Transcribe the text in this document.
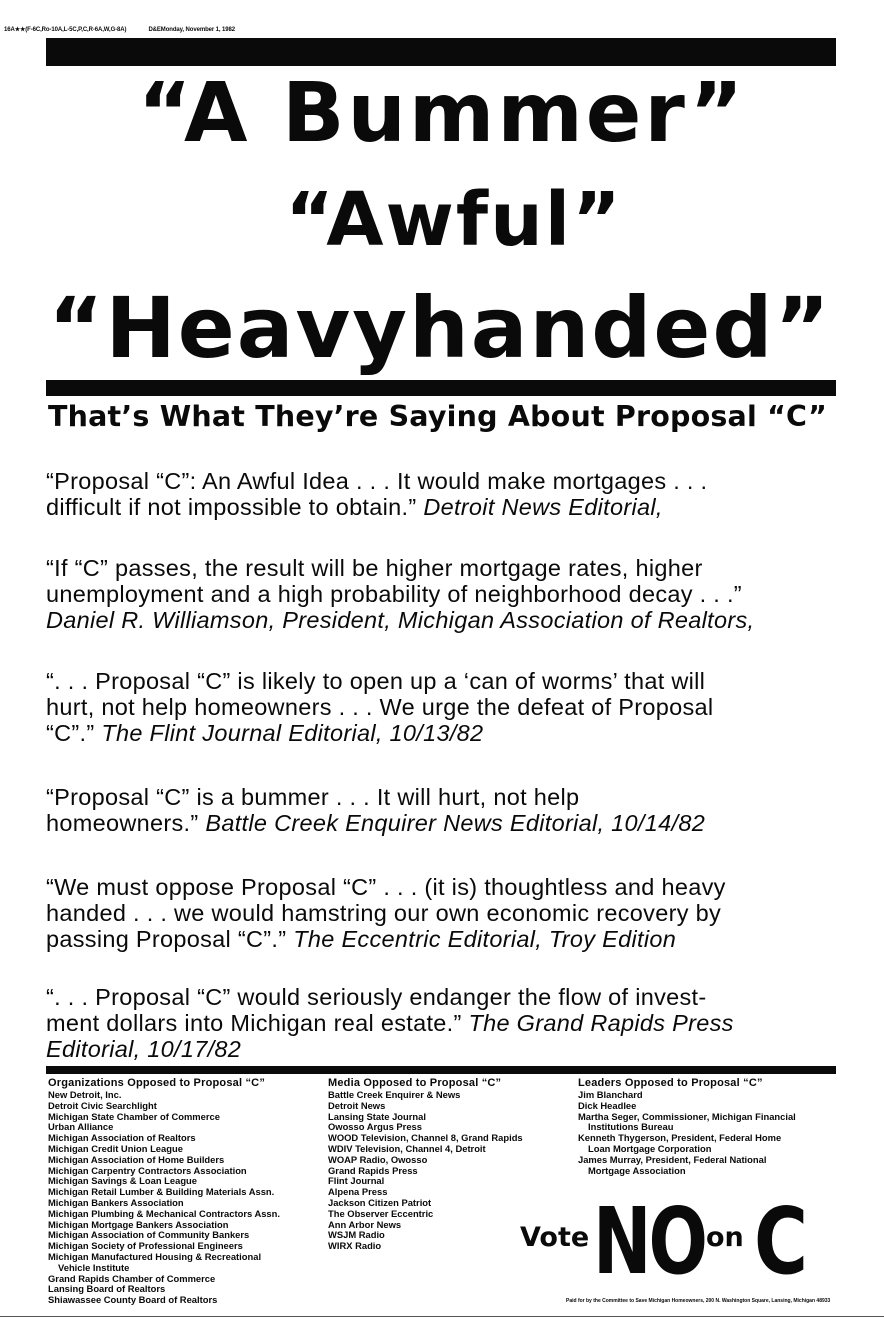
16A★★(F-6C,Ro-10A,L-5C,P,C,R-6A,W,G-8A)	D&EMonday, November 1, 1982
“A Bummer”
“Awful”
“Heavyhanded”
That’s What They’re Saying About Proposal “C”
“Proposal “C”: An Awful Idea . . . It would make mortgages . . .
difficult if not impossible to obtain.” Detroit News Editorial,
“If “C” passes, the result will be higher mortgage rates, higher
unemployment and a high probability of neighborhood decay . . .”
Daniel R. Williamson, President, Michigan Association of Realtors,
“. . . Proposal “C” is likely to open up a ‘can of worms’ that will
hurt, not help homeowners . . . We urge the defeat of Proposal
“C”.” The Flint Journal Editorial, 10/13/82
“Proposal “C” is a bummer . . . It will hurt, not help
homeowners.” Battle Creek Enquirer News Editorial, 10/14/82
“We must oppose Proposal “C” . . . (it is) thoughtless and heavy
handed . . . we would hamstring our own economic recovery by
passing Proposal “C”.” The Eccentric Editorial, Troy Edition
“. . . Proposal “C” would seriously endanger the flow of invest-
ment dollars into Michigan real estate.” The Grand Rapids Press
Editorial, 10/17/82
Organizations Opposed to Proposal “C”
New Detroit, Inc.
Detroit Civic Searchlight
Michigan State Chamber of Commerce
Urban Alliance
Michigan Association of Realtors
Michigan Credit Union League
Michigan Association of Home Builders
Michigan Carpentry Contractors Association
Michigan Savings & Loan League
Michigan Retail Lumber & Building Materials Assn.
Michigan Bankers Association
Michigan Plumbing & Mechanical Contractors Assn.
Michigan Mortgage Bankers Association
Michigan Association of Community Bankers
Michigan Society of Professional Engineers
Michigan Manufactured Housing & Recreational
Vehicle Institute
Grand Rapids Chamber of Commerce
Lansing Board of Realtors
Shiawassee County Board of Realtors
Media Opposed to Proposal “C”
Battle Creek Enquirer & News
Detroit News
Lansing State Journal
Owosso Argus Press
WOOD Television, Channel 8, Grand Rapids
WDIV Television, Channel 4, Detroit
WOAP Radio, Owosso
Grand Rapids Press
Flint Journal
Alpena Press
Jackson Citizen Patriot
The Observer Eccentric
Ann Arbor News
WSJM Radio
WIRX Radio
Leaders Opposed to Proposal “C”
Jim Blanchard
Dick Headlee
Martha Seger, Commissioner, Michigan Financial
Institutions Bureau
Kenneth Thygerson, President, Federal Home
Loan Mortgage Corporation
James Murray, President, Federal National
Mortgage Association
Vote NO on C
Paid for by the Committee to Save Michigan Homeowners, 200 N. Washington Square, Lansing, Michigan 48933
